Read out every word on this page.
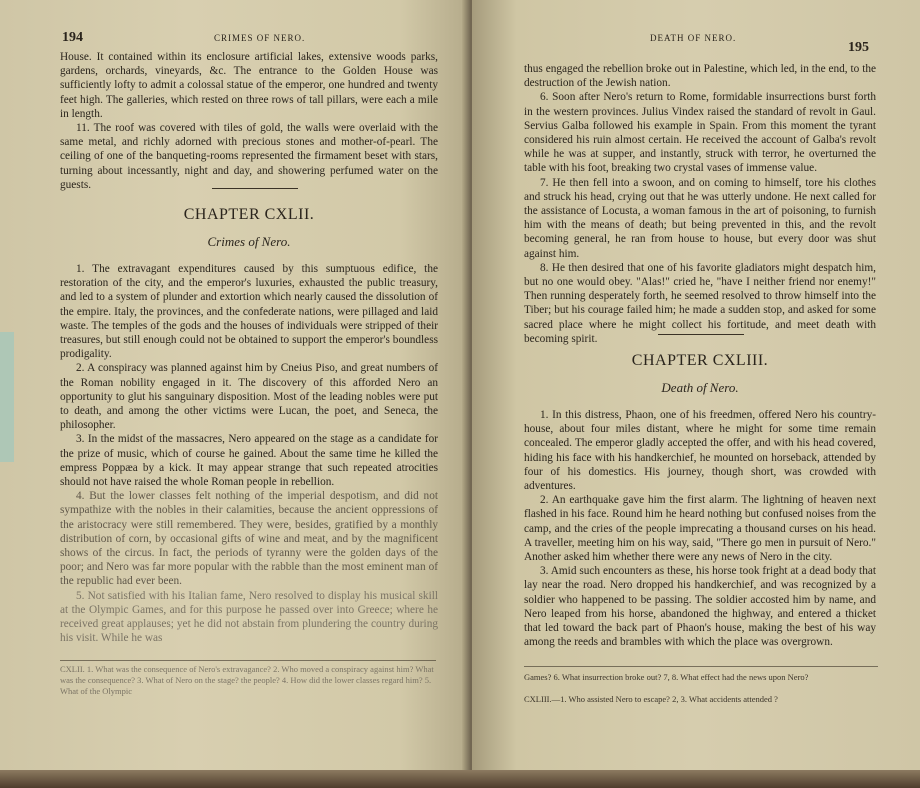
194	CRIMES OF NERO.

House. It contained within its enclosure artificial lakes, extensive woods parks, gardens, orchards, vineyards, &c. The entrance to the Golden House was sufficiently lofty to admit a colossal statue of the emperor, one hundred and twenty feet high. The galleries, which rested on three rows of tall pillars, were each a mile in length.

11. The roof was covered with tiles of gold, the walls were overlaid with the same metal, and richly adorned with precious stones and mother-of-pearl. The ceiling of one of the banqueting-rooms represented the firmament beset with stars, turning about incessantly, night and day, and showering perfumed water on the guests.

CHAPTER CXLII.
Crimes of Nero.

1. The extravagant expenditures caused by this sumptuous edifice, the restoration of the city, and the emperor's luxuries, exhausted the public treasury, and led to a system of plunder and extortion which nearly caused the dissolution of the empire. Italy, the provinces, and the confederate nations, were pillaged and laid waste. The temples of the gods and the houses of individuals were stripped of their treasures, but still enough could not be obtained to support the emperor's boundless prodigality.

2. A conspiracy was planned against him by Cneius Piso, and great numbers of the Roman nobility engaged in it. The discovery of this afforded Nero an opportunity to glut his sanguinary disposition. Most of the leading nobles were put to death, and among the other victims were Lucan, the poet, and Seneca, the philosopher.

3. In the midst of the massacres, Nero appeared on the stage as a candidate for the prize of music, which of course he gained. About the same time he killed the empress Poppæa by a kick. It may appear strange that such repeated atrocities should not have raised the whole Roman people in rebellion.

4. But the lower classes felt nothing of the imperial despotism, and did not sympathize with the nobles in their calamities, because the ancient oppressions of the aristocracy were still remembered. They were, besides, gratified by a monthly distribution of corn, by occasional gifts of wine and meat, and by the magnificent shows of the circus. In fact, the periods of tyranny were the golden days of the poor; and Nero was far more popular with the rabble than the most eminent man of the republic had ever been.

5. Not satisfied with his Italian fame, Nero resolved to display his musical skill at the Olympic Games, and for this purpose he passed over into Greece; where he received great applauses; yet he did not abstain from plundering the country during his visit. While he was

CXLII. 1. What was the consequence of Nero's extravagance? 2. Who moved a conspiracy against him? What was the consequence? 3. What of Nero on the stage? the people? 4. How did the lower classes regard him? 5. What of the Olympic
DEATH OF NERO.
195

thus engaged the rebellion broke out in Palestine, which led, in the end, to the destruction of the Jewish nation.

6. Soon after Nero's return to Rome, formidable insurrections burst forth in the western provinces. Julius Vindex raised the standard of revolt in Gaul. Servius Galba followed his example in Spain. From this moment the tyrant considered his ruin almost certain. He received the account of Galba's revolt while he was at supper, and instantly, struck with terror, he overturned the table with his foot, breaking two crystal vases of immense value.

7. He then fell into a swoon, and on coming to himself, tore his clothes and struck his head, crying out that he was utterly undone. He next called for the assistance of Locusta, a woman famous in the art of poisoning, to furnish him with the means of death; but being prevented in this, and the revolt becoming general, he ran from house to house, but every door was shut against him.

8. He then desired that one of his favorite gladiators might despatch him, but no one would obey. "Alas!" cried he, "have I neither friend nor enemy!" Then running desperately forth, he seemed resolved to throw himself into the Tiber; but his courage failed him; he made a sudden stop, and asked for some sacred place where he might collect his fortitude, and meet death with becoming spirit.

CHAPTER CXLIII.
Death of Nero.

1. In this distress, Phaon, one of his freedmen, offered Nero his country-house, about four miles distant, where he might for some time remain concealed. The emperor gladly accepted the offer, and with his head covered, hiding his face with his handkerchief, he mounted on horseback, attended by four of his domestics. His journey, though short, was crowded with adventures.

2. An earthquake gave him the first alarm. The lightning of heaven next flashed in his face. Round him he heard nothing but confused noises from the camp, and the cries of the people imprecating a thousand curses on his head. A traveller, meeting him on his way, said, "There go men in pursuit of Nero." Another asked him whether there were any news of Nero in the city.

3. Amid such encounters as these, his horse took fright at a dead body that lay near the road. Nero dropped his handkerchief, and was recognized by a soldier who happened to be passing. The soldier accosted him by name, and Nero leaped from his horse, abandoned the highway, and entered a thicket that led toward the back part of Phaon's house, making the best of his way among the reeds and brambles with which the place was overgrown.

Games? 6. What insurrection broke out? 7, 8. What effect had the news upon Nero?
CXLIII.—1. Who assisted Nero to escape? 2, 3. What accidents attended ?
